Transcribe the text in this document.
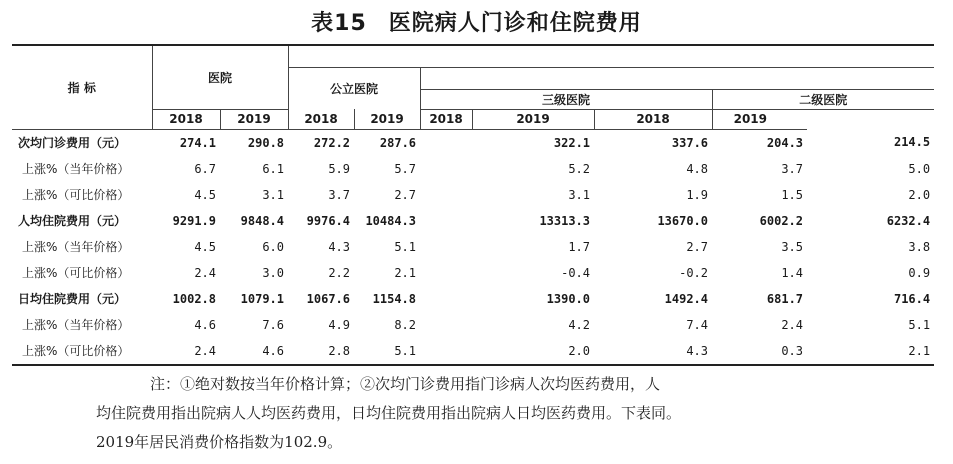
表15 医院病人门诊和住院费用
指 标	医院								
			公立医院						
					三级医院			二级医院	
	2018	2019	2018	2019	2018	2019	2018	2019	
次均门诊费用（元）	274.1	290.8	272.2	287.6		322.1	337.6	204.3	214.5
上涨%（当年价格）	6.7	6.1	5.9	5.7		5.2	4.8	3.7	5.0
上涨%（可比价格）	4.5	3.1	3.7	2.7		3.1	1.9	1.5	2.0
人均住院费用（元）	9291.9	9848.4	9976.4	10484.3		13313.3	13670.0	6002.2	6232.4
上涨%（当年价格）	4.5	6.0	4.3	5.1		1.7	2.7	3.5	3.8
上涨%（可比价格）	2.4	3.0	2.2	2.1		-0.4	-0.2	1.4	0.9
日均住院费用（元）	1002.8	1079.1	1067.6	1154.8		1390.0	1492.4	681.7	716.4
上涨%（当年价格）	4.6	7.6	4.9	8.2		4.2	7.4	2.4	5.1
上涨%（可比价格）	2.4	4.6	2.8	5.1		2.0	4.3	0.3	2.1
注：①绝对数按当年价格计算；②次均门诊费用指门诊病人次均医药费用，人
均住院费用指出院病人人均医药费用，日均住院费用指出院病人日均医药费用。下表同。
2019年居民消费价格指数为102.9。
